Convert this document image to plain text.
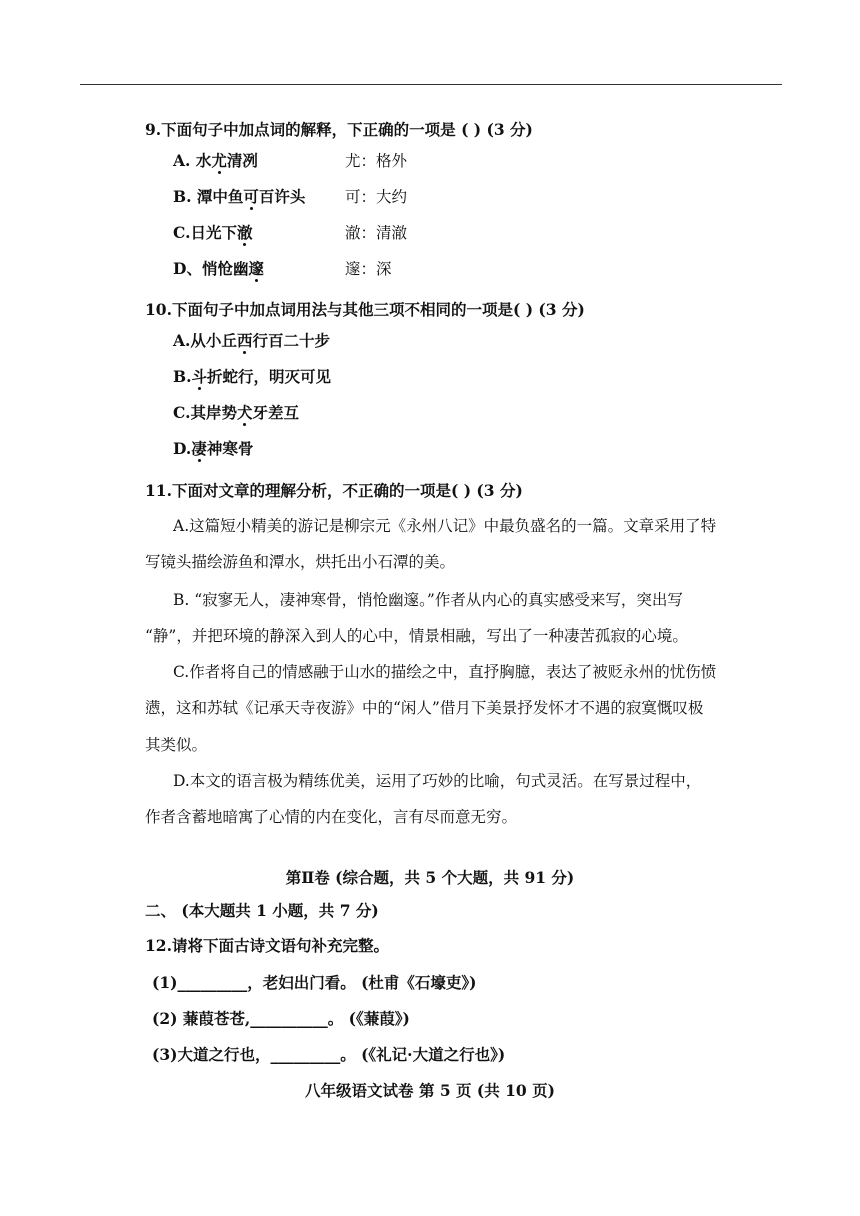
9.下面句子中加点词的解释，下正确的一项是 ( ) (3 分)
A. 水尤清冽	尤：格外
B. 潭中鱼可百许头	可：大约
C.日光下澈	澈：清澈
D、悄怆幽邃	邃：深
10.下面句子中加点词用法与其他三项不相同的一项是( ) (3 分)
A.从小丘西行百二十步
B.斗折蛇行，明灭可见
C.其岸势犬牙差互
D.凄神寒骨
11.下面对文章的理解分析，不正确的一项是( ) (3 分)
A.这篇短小精美的游记是柳宗元《永州八记》中最负盛名的一篇。文章采用了特
写镜头描绘游鱼和潭水，烘托出小石潭的美。
B. “寂寥无人，凄神寒骨，悄怆幽邃。”作者从内心的真实感受来写，突出写
“静”，并把环境的静深入到人的心中，情景相融，写出了一种凄苦孤寂的心境。
C.作者将自己的情感融于山水的描绘之中，直抒胸臆，表达了被贬永州的忧伤愤
懑，这和苏轼《记承天寺夜游》中的“闲人”借月下美景抒发怀才不遇的寂寞慨叹极
其类似。
D.本文的语言极为精练优美，运用了巧妙的比喻，句式灵活。在写景过程中，
作者含蓄地暗寓了心情的内在变化，言有尽而意无穷。
第Ⅱ卷 (综合题，共 5 个大题，共 91 分)
二、 (本大题共 1 小题，共 7 分)
12.请将下面古诗文语句补充完整。
(1)_________，老妇出门看。 (杜甫《石壕吏》)
(2) 蒹葭苍苍,__________。 (《蒹葭》)
(3)大道之行也，_________。 (《礼记·大道之行也》)
八年级语文试卷 第 5 页 (共 10 页)
